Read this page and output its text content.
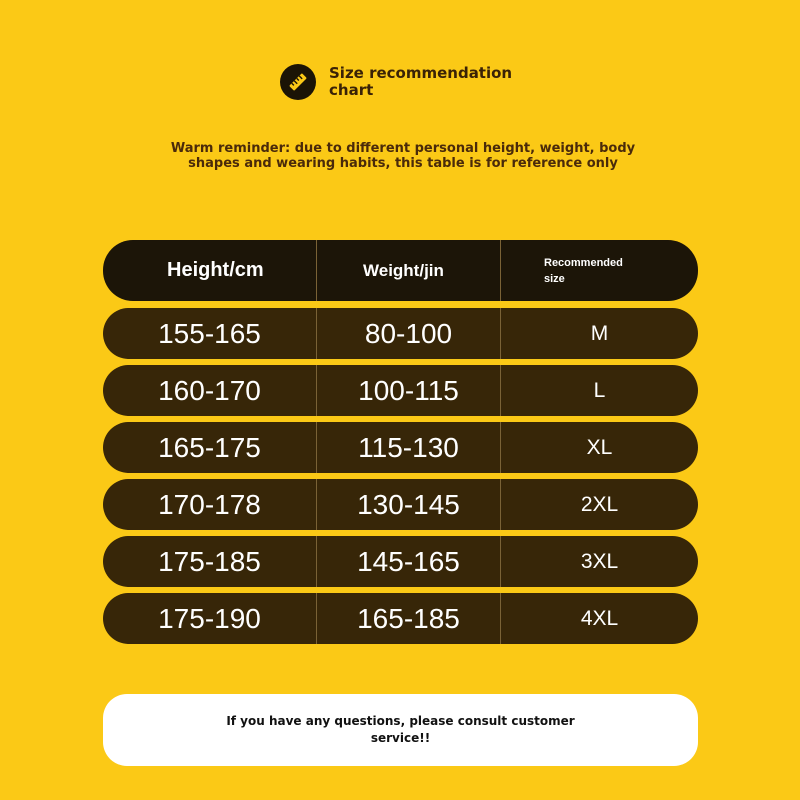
Size recommendation chart
Warm reminder: due to different personal height, weight, body shapes and wearing habits, this table is for reference only
Height/cm	Weight/jin	Recommended size
155-165	80-100	M
160-170	100-115	L
165-175	115-130	XL
170-178	130-145	2XL
175-185	145-165	3XL
175-190	165-185	4XL
If you have any questions, please consult customer service!!
